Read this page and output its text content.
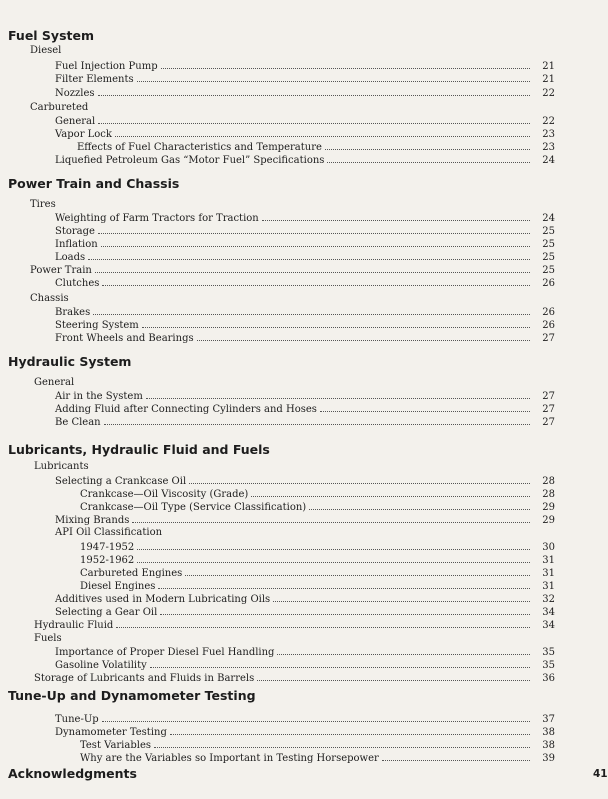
Fuel System
Diesel
Fuel Injection Pump	21
Filter Elements	21
Nozzles	22
Carbureted
General	22
Vapor Lock	23
Effects of Fuel Characteristics and Temperature	23
Liquefied Petroleum Gas “Motor Fuel” Specifications	24
Power Train and Chassis
Tires
Weighting of Farm Tractors for Traction	24
Storage	25
Inflation	25
Loads	25
Power Train	25
Clutches	26
Chassis
Brakes	26
Steering System	26
Front Wheels and Bearings	27
Hydraulic System
General
Air in the System	27
Adding Fluid after Connecting Cylinders and Hoses	27
Be Clean	27
Lubricants, Hydraulic Fluid and Fuels
Lubricants
Selecting a Crankcase Oil	28
Crankcase—Oil Viscosity (Grade)	28
Crankcase—Oil Type (Service Classification)	29
Mixing Brands	29
API Oil Classification
1947-1952	30
1952-1962	31
Carbureted Engines	31
Diesel Engines	31
Additives used in Modern Lubricating Oils	32
Selecting a Gear Oil	34
Hydraulic Fluid	34
Fuels
Importance of Proper Diesel Fuel Handling	35
Gasoline Volatility	35
Storage of Lubricants and Fluids in Barrels	36
Tune-Up and Dynamometer Testing
Tune-Up	37
Dynamometer Testing	38
Test Variables	38
Why are the Variables so Important in Testing Horsepower	39
Acknowledgments	41
